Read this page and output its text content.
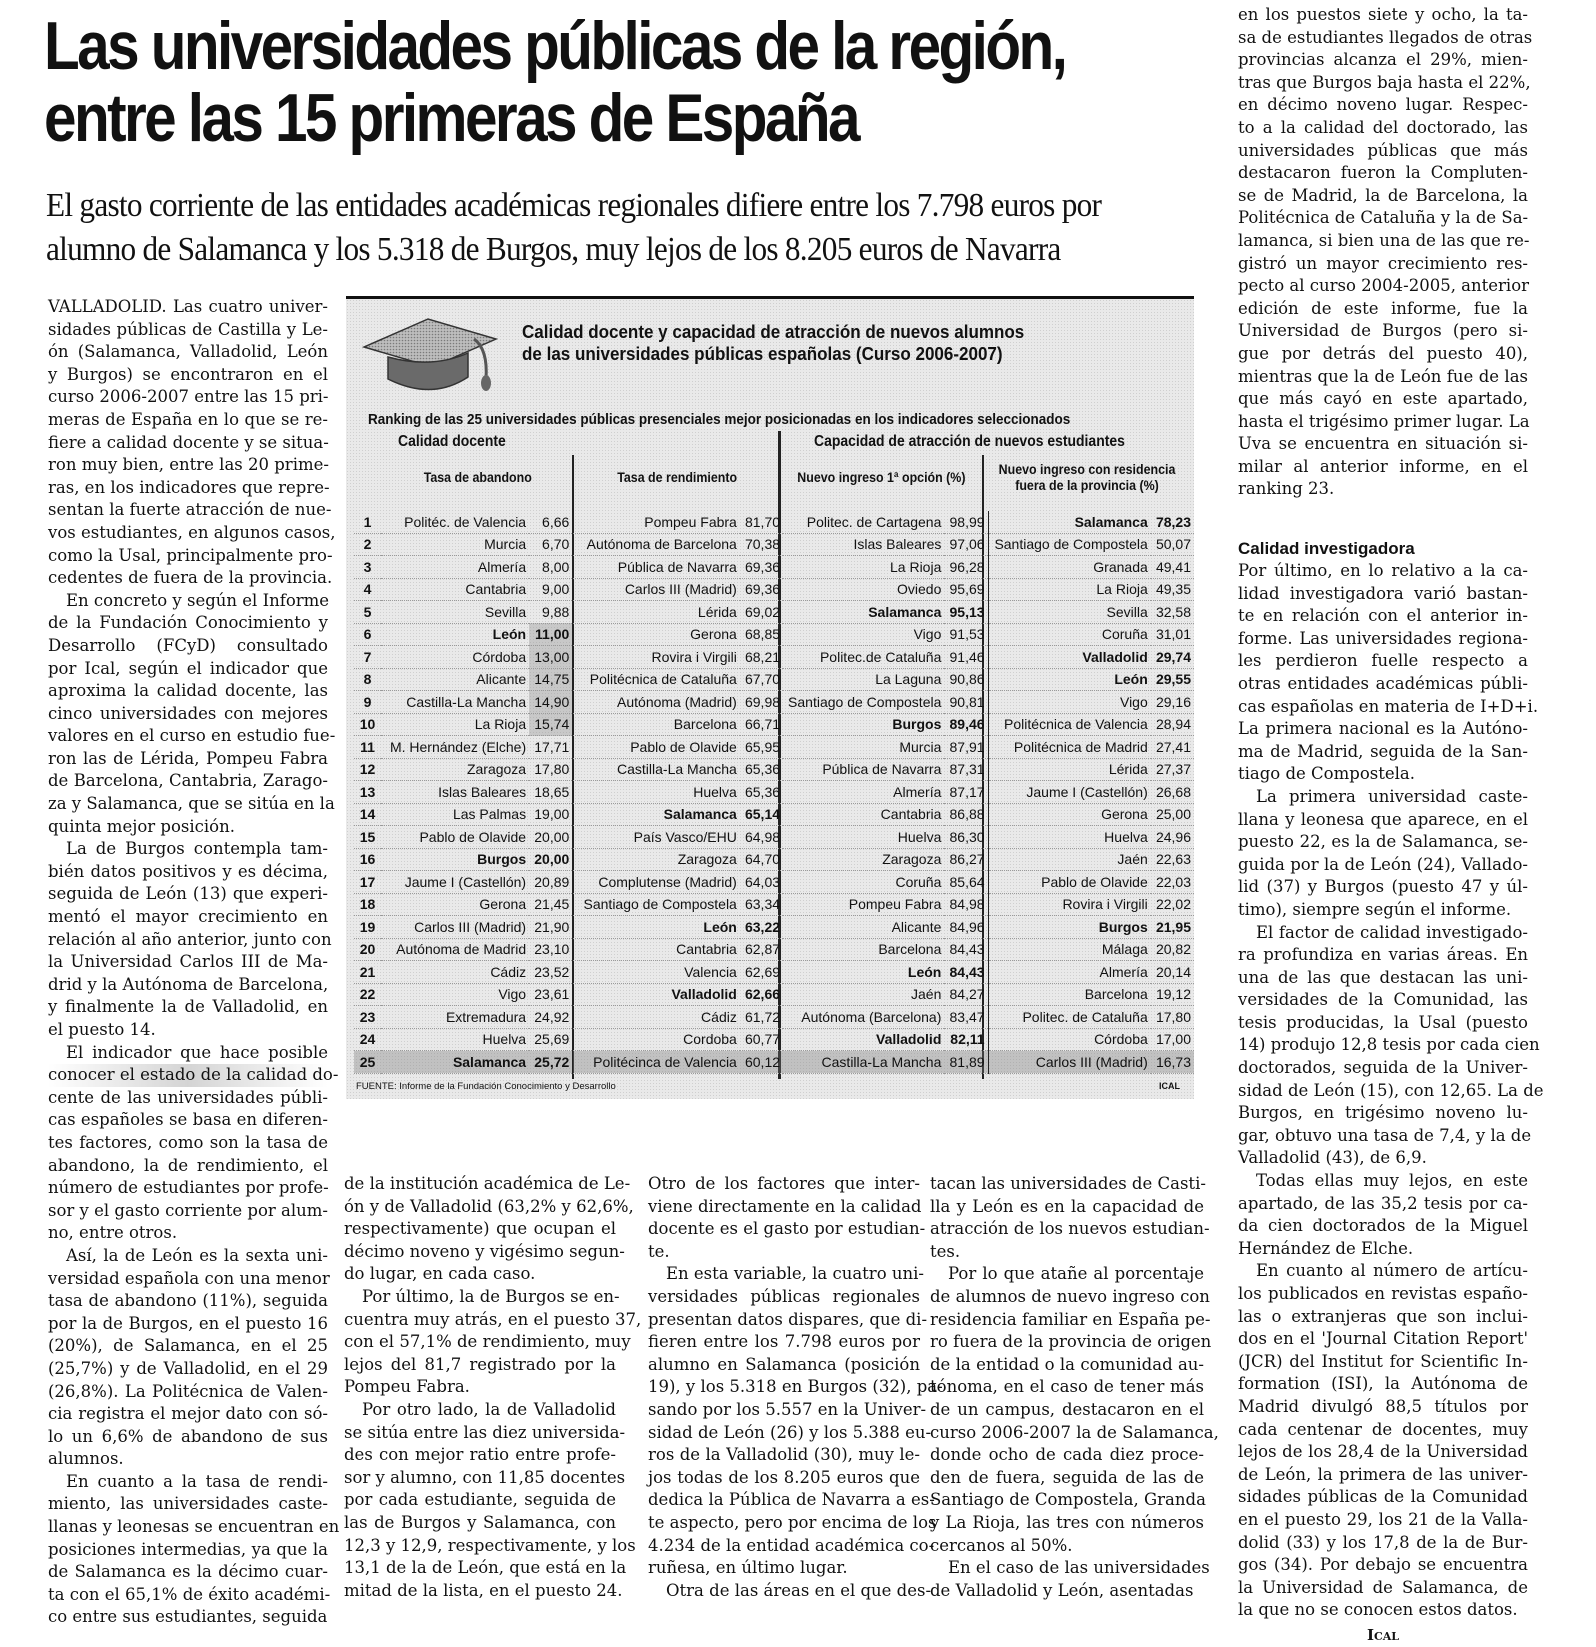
Las universidades públicas de la región,
entre las 15 primeras de España
El gasto corriente de las entidades académicas regionales difiere entre los 7.798 euros por
alumno de Salamanca y los 5.318 de Burgos, muy lejos de los 8.205 euros de Navarra

VALLADOLID. Las cuatro univer-
sidades públicas de Castilla y Le-
ón (Salamanca, Valladolid, León
y Burgos) se encontraron en el
curso 2006-2007 entre las 15 pri-
meras de España en lo que se re-
fiere a calidad docente y se situa-
ron muy bien, entre las 20 prime-
ras, en los indicadores que repre-
sentan la fuerte atracción de nue-
vos estudiantes, en algunos casos,
como la Usal, principalmente pro-
cedentes de fuera de la provincia.

En concreto y según el Informe
de la Fundación Conocimiento y
Desarrollo (FCyD) consultado
por Ical, según el indicador que
aproxima la calidad docente, las
cinco universidades con mejores
valores en el curso en estudio fue-
ron las de Lérida, Pompeu Fabra
de Barcelona, Cantabria, Zarago-
za y Salamanca, que se sitúa en la
quinta mejor posición.

La de Burgos contempla tam-
bién datos positivos y es décima,
seguida de León (13) que experi-
mentó el mayor crecimiento en
relación al año anterior, junto con
la Universidad Carlos III de Ma-
drid y la Autónoma de Barcelona,
y finalmente la de Valladolid, en
el puesto 14.

El indicador que hace posible
conocer el estado de la calidad do-
cente de las universidades públi-
cas españoles se basa en diferen-
tes factores, como son la tasa de
abandono, la de rendimiento, el
número de estudiantes por profe-
sor y el gasto corriente por alum-
no, entre otros.

Así, la de León es la sexta uni-
versidad española con una menor
tasa de abandono (11%), seguida
por la de Burgos, en el puesto 16
(20%), de Salamanca, en el 25
(25,7%) y de Valladolid, en el 29
(26,8%). La Politécnica de Valen-
cia registra el mejor dato con só-
lo un 6,6% de abandono de sus
alumnos.

En cuanto a la tasa de rendi-
miento, las universidades caste-
llanas y leonesas se encuentran en
posiciones intermedias, ya que la
de Salamanca es la décimo cuar-
ta con el 65,1% de éxito académi-
co entre sus estudiantes, seguida

de la institución académica de Le-
ón y de Valladolid (63,2% y 62,6%,
respectivamente) que ocupan el
décimo noveno y vigésimo segun-
do lugar, en cada caso.

Por último, la de Burgos se en-
cuentra muy atrás, en el puesto 37,
con el 57,1% de rendimiento, muy
lejos del 81,7 registrado por la
Pompeu Fabra.

Por otro lado, la de Valladolid
se sitúa entre las diez universida-
des con mejor ratio entre profe-
sor y alumno, con 11,85 docentes
por cada estudiante, seguida de
las de Burgos y Salamanca, con
12,3 y 12,9, respectivamente, y los
13,1 de la de León, que está en la
mitad de la lista, en el puesto 24.

Otro de los factores que inter-
viene directamente en la calidad
docente es el gasto por estudian-
te.

En esta variable, la cuatro uni-
versidades públicas regionales
presentan datos dispares, que di-
fieren entre los 7.798 euros por
alumno en Salamanca (posición
19), y los 5.318 en Burgos (32), pa-
sando por los 5.557 en la Univer-
sidad de León (26) y los 5.388 eu-
ros de la Valladolid (30), muy le-
jos todas de los 8.205 euros que
dedica la Pública de Navarra a es-
te aspecto, pero por encima de los
4.234 de la entidad académica co-
ruñesa, en último lugar.

Otra de las áreas en el que des-

tacan las universidades de Casti-
lla y León es en la capacidad de
atracción de los nuevos estudian-
tes.

Por lo que atañe al porcentaje
de alumnos de nuevo ingreso con
residencia familiar en España pe-
ro fuera de la provincia de origen
de la entidad o la comunidad au-
tónoma, en el caso de tener más
de un campus, destacaron en el
curso 2006-2007 la de Salamanca,
donde ocho de cada diez proce-
den de fuera, seguida de las de
Santiago de Compostela, Granda
y La Rioja, las tres con números
cercanos al 50%.

En el caso de las universidades
de Valladolid y León, asentadas

en los puestos siete y ocho, la ta-
sa de estudiantes llegados de otras
provincias alcanza el 29%, mien-
tras que Burgos baja hasta el 22%,
en décimo noveno lugar. Respec-
to a la calidad del doctorado, las
universidades públicas que más
destacaron fueron la Compluten-
se de Madrid, la de Barcelona, la
Politécnica de Cataluña y la de Sa-
lamanca, si bien una de las que re-
gistró un mayor crecimiento res-
pecto al curso 2004-2005, anterior
edición de este informe, fue la
Universidad de Burgos (pero si-
gue por detrás del puesto 40),
mientras que la de León fue de las
que más cayó en este apartado,
hasta el trigésimo primer lugar. La
Uva se encuentra en situación si-
milar al anterior informe, en el
ranking 23.

Calidad investigadora

Por último, en lo relativo a la ca-
lidad investigadora varió bastan-
te en relación con el anterior in-
forme. Las universidades regiona-
les perdieron fuelle respecto a
otras entidades académicas públi-
cas españolas en materia de I+D+i.
La primera nacional es la Autóno-
ma de Madrid, seguida de la San-
tiago de Compostela.

La primera universidad caste-
llana y leonesa que aparece, en el
puesto 22, es la de Salamanca, se-
guida por la de León (24), Vallado-
lid (37) y Burgos (puesto 47 y úl-
timo), siempre según el informe.

El factor de calidad investigado-
ra profundiza en varias áreas. En
una de las que destacan las uni-
versidades de la Comunidad, las
tesis producidas, la Usal (puesto
14) produjo 12,8 tesis por cada cien
doctorados, seguida de la Univer-
sidad de León (15), con 12,65. La de
Burgos, en trigésimo noveno lu-
gar, obtuvo una tasa de 7,4, y la de
Valladolid (43), de 6,9.

Todas ellas muy lejos, en este
apartado, de las 35,2 tesis por ca-
da cien doctorados de la Miguel
Hernández de Elche.

En cuanto al número de artícu-
los publicados en revistas españo-
las o extranjeras que son inclui-
dos en el 'Journal Citation Report'
(JCR) del Institut for Scientific In-
formation (ISI), la Autónoma de
Madrid divulgó 88,5 títulos por
cada centenar de docentes, muy
lejos de los 28,4 de la Universidad
de León, la primera de las univer-
sidades públicas de la Comunidad
en el puesto 29, los 21 de la Valla-
dolid (33) y los 17,8 de la de Bur-
gos (34). Por debajo se encuentra
la Universidad de Salamanca, de
la que no se conocen estos datos.

Ical
Calidad docente y capacidad de atracción de nuevos alumnos
de las universidades públicas españolas (Curso 2006-2007)
Ranking de las 25 universidades públicas presenciales mejor posicionadas en los indicadores seleccionados
Calidad docente	Capacidad de atracción de nuevos estudiantes
Tasa de abandono	Tasa de rendimiento	Nuevo ingreso 1ª opción (%)
Nuevo ingreso con residencia fuera de la provincia (%)
1	Politéc. de Valencia	6,66	Pompeu Fabra	81,70	Politec. de Cartagena	98,99	Salamanca	78,23
2	Murcia	6,70	Autónoma de Barcelona	70,38	Islas Baleares	97,06	Santiago de Compostela	50,07
3	Almería	8,00	Pública de Navarra	69,36	La Rioja	96,28	Granada	49,41
4	Cantabria	9,00	Carlos III (Madrid)	69,36	Oviedo	95,69	La Rioja	49,35
5	Sevilla	9,88	Lérida	69,02	Salamanca	95,13	Sevilla	32,58
6	León	11,00	Gerona	68,85	Vigo	91,53	Coruña	31,01
7	Córdoba	13,00	Rovira i Virgili	68,21	Politec.de Cataluña	91,46	Valladolid	29,74
8	Alicante	14,75	Politécnica de Cataluña	67,70	La Laguna	90,86	León	29,55
9	Castilla-La Mancha	14,90	Autónoma (Madrid)	69,98	Santiago de Compostela	90,81	Vigo	29,16
10	La Rioja	15,74	Barcelona	66,71	Burgos	89,46	Politécnica de Valencia	28,94
11	M. Hernández (Elche)	17,71	Pablo de Olavide	65,95	Murcia	87,91	Politécnica de Madrid	27,41
12	Zaragoza	17,80	Castilla-La Mancha	65,36	Pública de Navarra	87,31	Lérida	27,37
13	Islas Baleares	18,65	Huelva	65,36	Almería	87,17	Jaume I (Castellón)	26,68
14	Las Palmas	19,00	Salamanca	65,14	Cantabria	86,88	Gerona	25,00
15	Pablo de Olavide	20,00	País Vasco/EHU	64,98	Huelva	86,30	Huelva	24,96
16	Burgos	20,00	Zaragoza	64,70	Zaragoza	86,27	Jaén	22,63
17	Jaume I (Castellón)	20,89	Complutense (Madrid)	64,03	Coruña	85,64	Pablo de Olavide	22,03
18	Gerona	21,45	Santiago de Compostela	63,34	Pompeu Fabra	84,98	Rovira i Virgili	22,02
19	Carlos III (Madrid)	21,90	León	63,22	Alicante	84,96	Burgos	21,95
20	Autónoma de Madrid	23,10	Cantabria	62,87	Barcelona	84,43	Málaga	20,82
21	Cádiz	23,52	Valencia	62,69	León	84,43	Almería	20,14
22	Vigo	23,61	Valladolid	62,66	Jaén	84,27	Barcelona	19,12
23	Extremadura	24,92	Cádiz	61,72	Autónoma (Barcelona)	83,47	Politec. de Cataluña	17,80
24	Huelva	25,69	Cordoba	60,77	Valladolid	82,11	Córdoba	17,00
25	Salamanca	25,72	Politécinca de Valencia	60,12	Castilla-La Mancha	81,89	Carlos III (Madrid)	16,73
FUENTE: Informe de la Fundación Conocimiento y Desarrollo	ICAL
